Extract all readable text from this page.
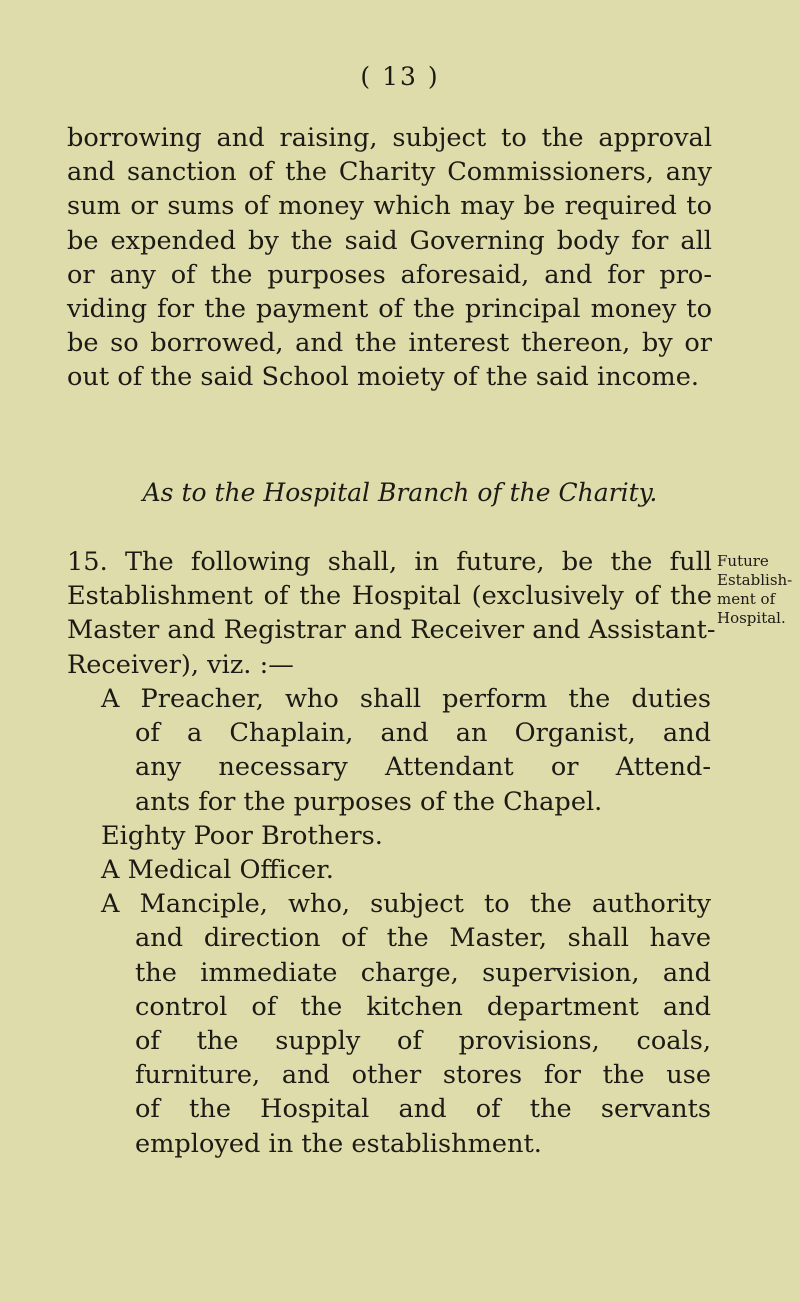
( 13 )
borrowing and raising, subject to the approval
and sanction of the Charity Commissioners, any
sum or sums of money which may be required to
be expended by the said Governing body for all
or any of the purposes aforesaid, and for pro-
viding for the payment of the principal money to
be so borrowed, and the interest thereon, by or
out of the said School moiety of the said income.
As to the Hospital Branch of the Charity.
15. The following shall, in future, be the full
Establishment of the Hospital (exclusively of the
Master and Registrar and Receiver and Assistant-
Receiver), viz. :—
Future
Establish-
ment of
Hospital.
A Preacher, who shall perform the duties
of a Chaplain, and an Organist, and
any necessary Attendant or Attend-
ants for the purposes of the Chapel.
Eighty Poor Brothers.
A Medical Officer.
A Manciple, who, subject to the authority
and direction of the Master, shall have
the immediate charge, supervision, and
control of the kitchen department and
of the supply of provisions, coals,
furniture, and other stores for the use
of the Hospital and of the servants
employed in the establishment.
